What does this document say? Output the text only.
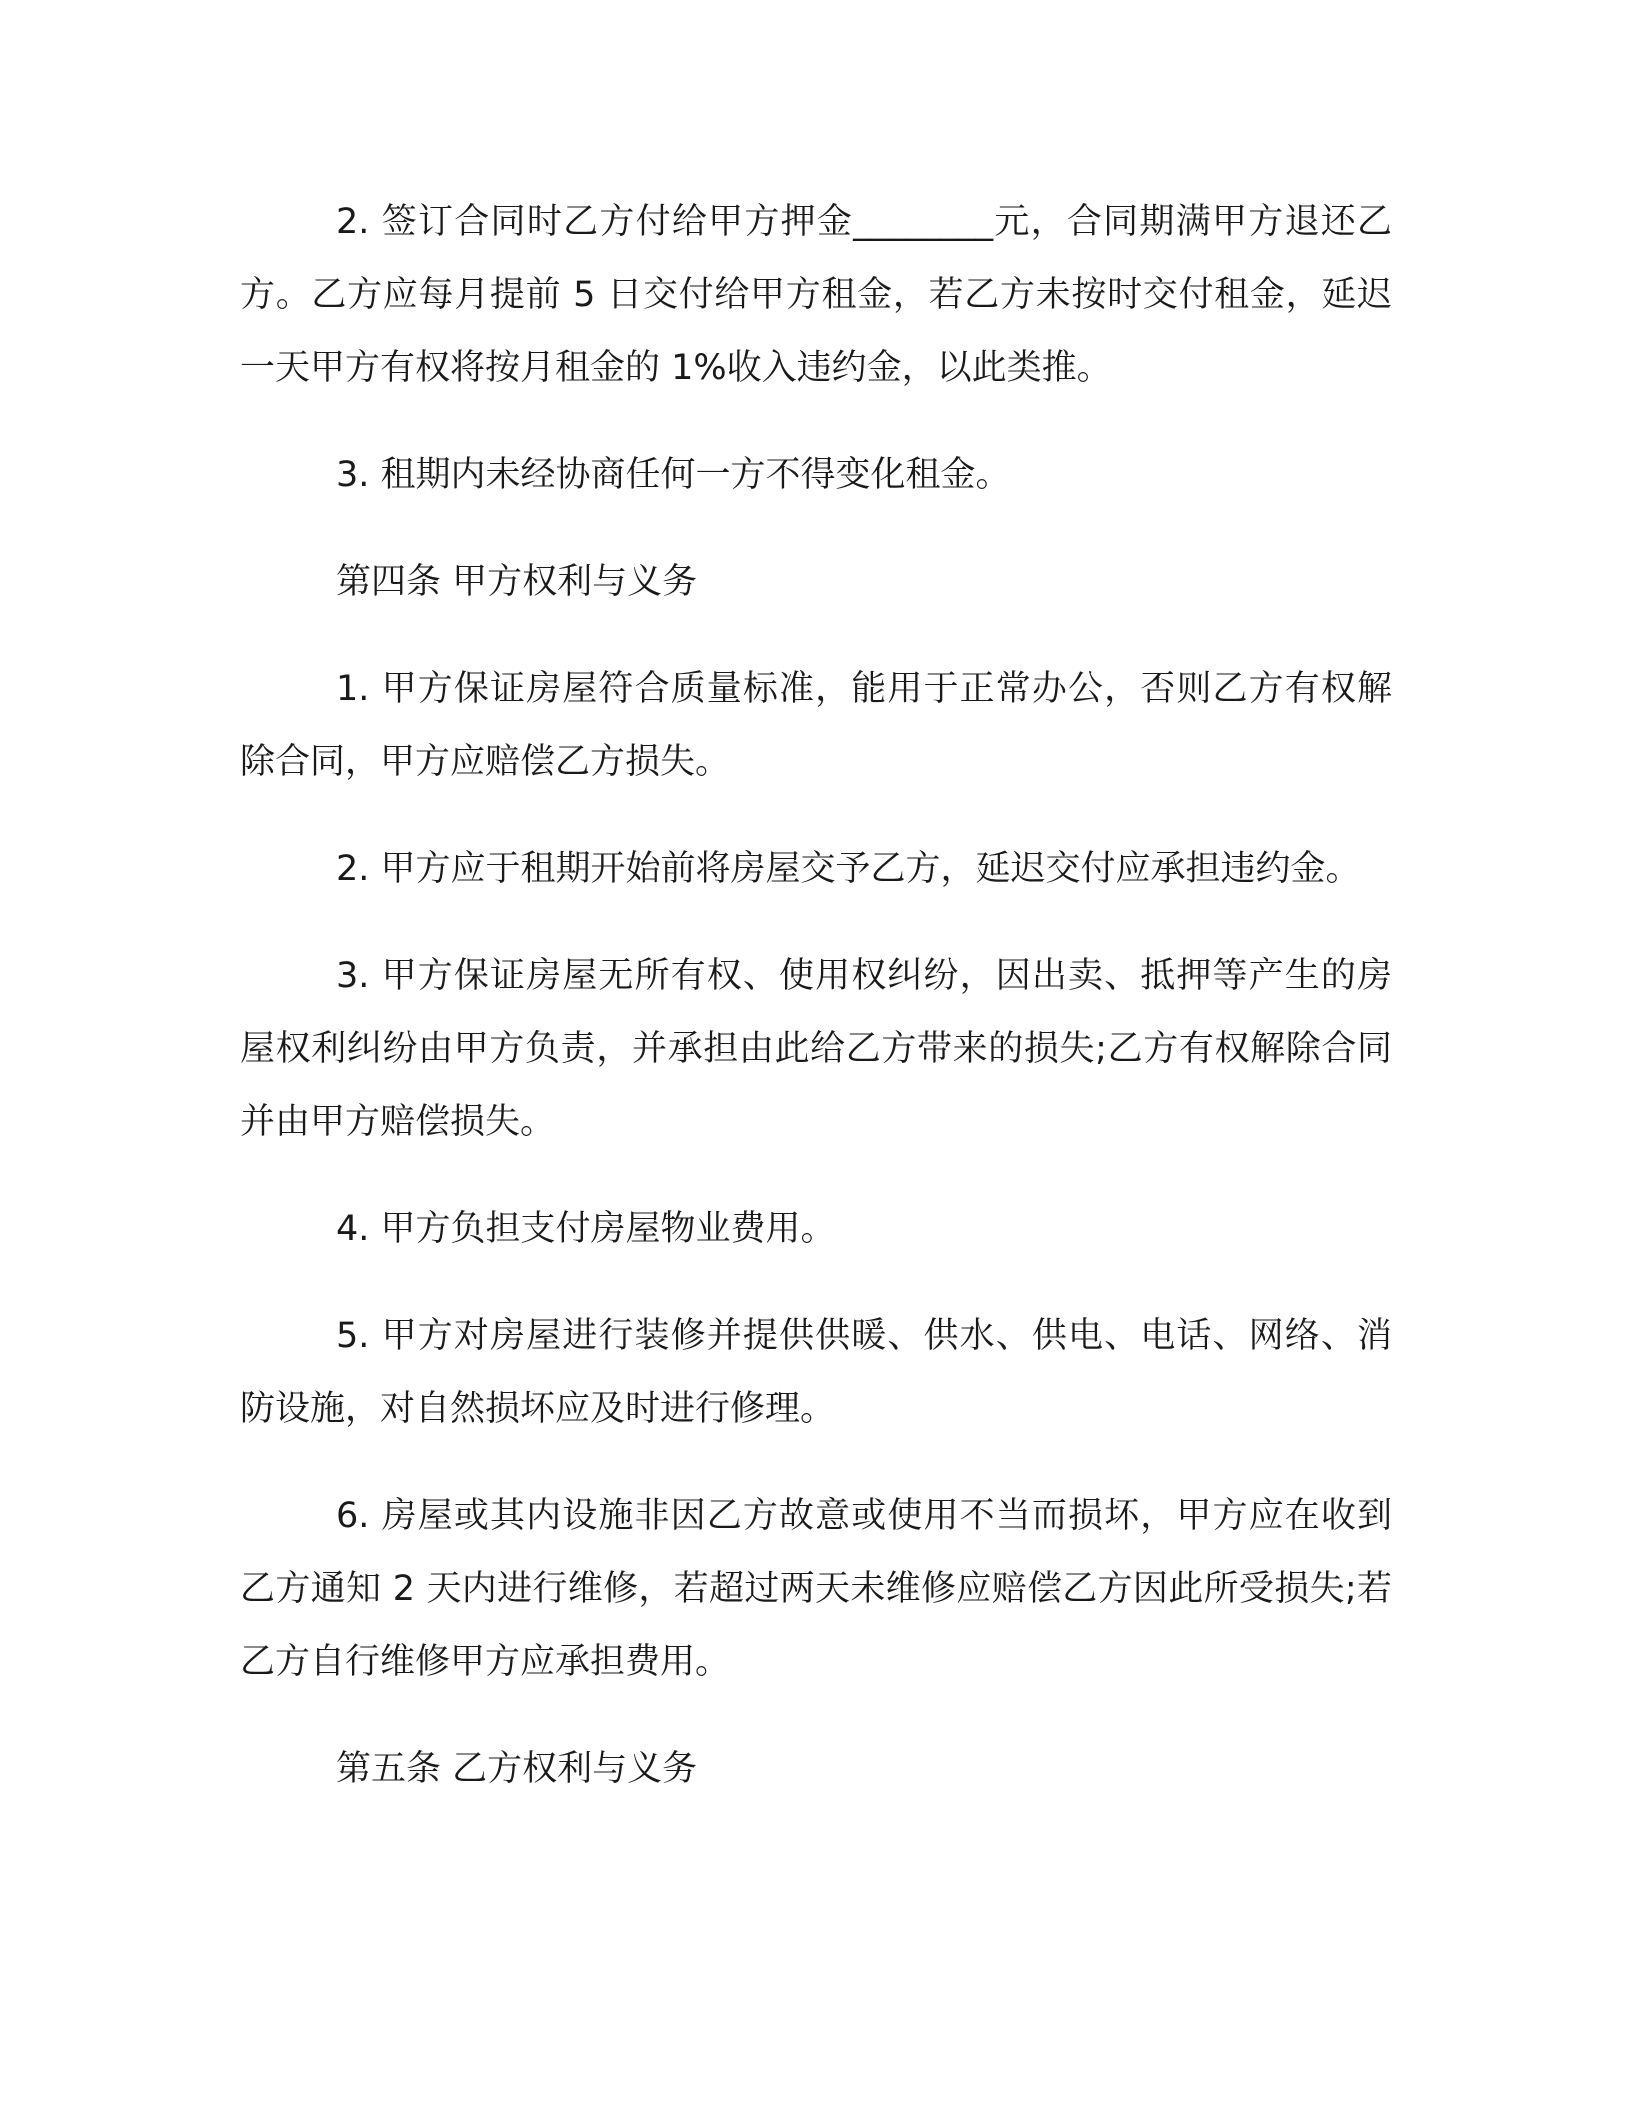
2. 签订合同时乙方付给甲方押金________元，合同期满甲方退还乙方。乙方应每月提前 5 日交付给甲方租金，若乙方未按时交付租金，延迟一天甲方有权将按月租金的 1%收入违约金，以此类推。

3. 租期内未经协商任何一方不得变化租金。

第四条 甲方权利与义务

1. 甲方保证房屋符合质量标准，能用于正常办公，否则乙方有权解除合同，甲方应赔偿乙方损失。

2. 甲方应于租期开始前将房屋交予乙方，延迟交付应承担违约金。

3. 甲方保证房屋无所有权、使用权纠纷，因出卖、抵押等产生的房屋权利纠纷由甲方负责，并承担由此给乙方带来的损失;乙方有权解除合同并由甲方赔偿损失。

4. 甲方负担支付房屋物业费用。

5. 甲方对房屋进行装修并提供供暖、供水、供电、电话、网络、消防设施，对自然损坏应及时进行修理。

6. 房屋或其内设施非因乙方故意或使用不当而损坏，甲方应在收到乙方通知 2 天内进行维修，若超过两天未维修应赔偿乙方因此所受损失;若乙方自行维修甲方应承担费用。

第五条 乙方权利与义务
